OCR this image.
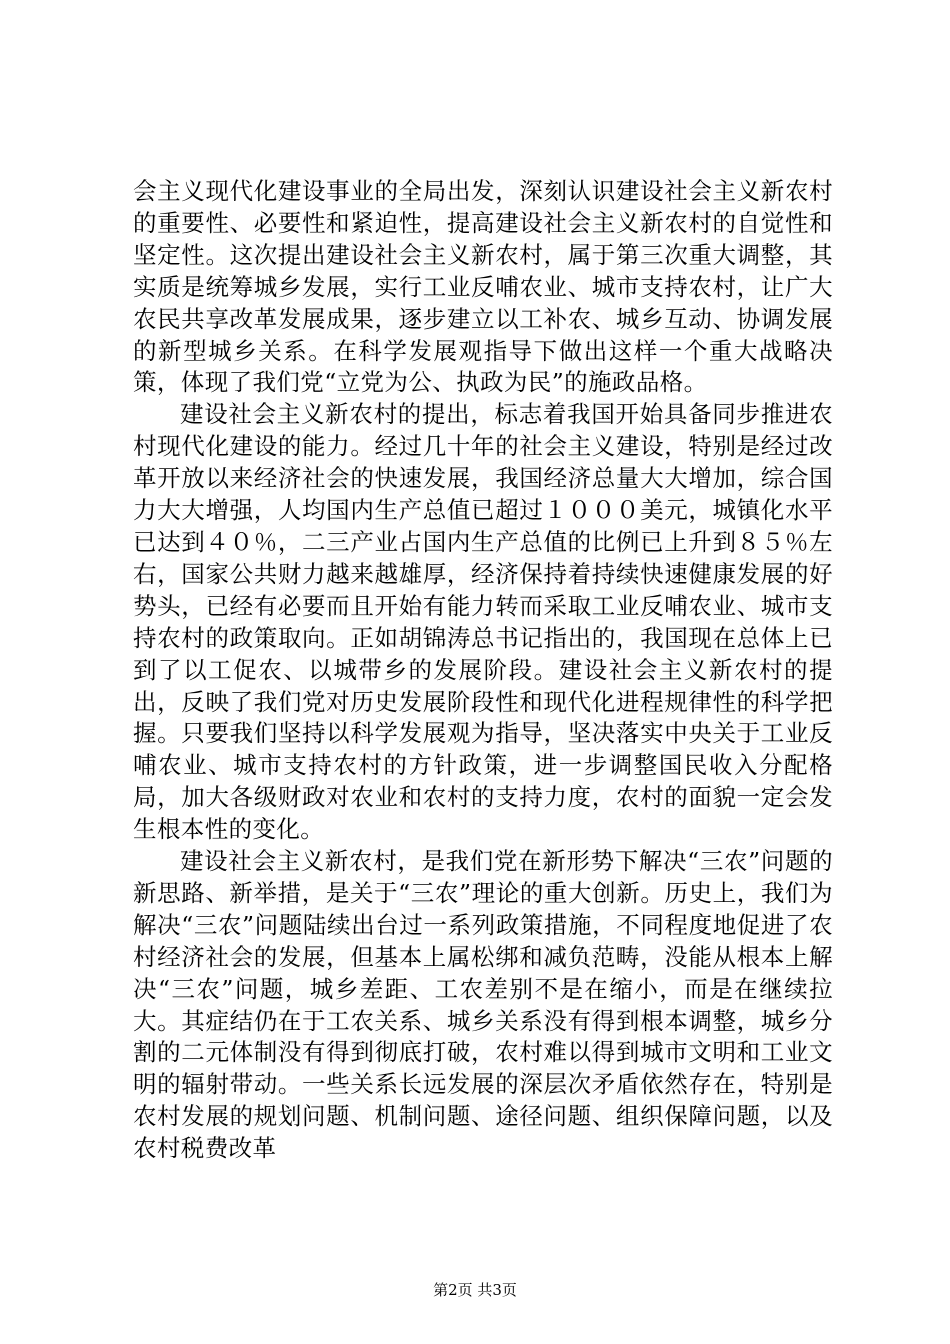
会主义现代化建设事业的全局出发，深刻认识建设社会主义新农村的重要性、必要性和紧迫性，提高建设社会主义新农村的自觉性和坚定性。这次提出建设社会主义新农村，属于第三次重大调整，其实质是统筹城乡发展，实行工业反哺农业、城市支持农村，让广大农民共享改革发展成果，逐步建立以工补农、城乡互动、协调发展的新型城乡关系。在科学发展观指导下做出这样一个重大战略决策，体现了我们党“立党为公、执政为民”的施政品格。

建设社会主义新农村的提出，标志着我国开始具备同步推进农村现代化建设的能力。经过几十年的社会主义建设，特别是经过改革开放以来经济社会的快速发展，我国经济总量大大增加，综合国力大大增强，人均国内生产总值已超过１０００美元，城镇化水平已达到４０％，二三产业占国内生产总值的比例已上升到８５％左右，国家公共财力越来越雄厚，经济保持着持续快速健康发展的好势头，已经有必要而且开始有能力转而采取工业反哺农业、城市支持农村的政策取向。正如胡锦涛总书记指出的，我国现在总体上已到了以工促农、以城带乡的发展阶段。建设社会主义新农村的提出，反映了我们党对历史发展阶段性和现代化进程规律性的科学把握。只要我们坚持以科学发展观为指导，坚决落实中央关于工业反哺农业、城市支持农村的方针政策，进一步调整国民收入分配格局，加大各级财政对农业和农村的支持力度，农村的面貌一定会发生根本性的变化。

建设社会主义新农村，是我们党在新形势下解决“三农”问题的新思路、新举措，是关于“三农”理论的重大创新。历史上，我们为解决“三农”问题陆续出台过一系列政策措施，不同程度地促进了农村经济社会的发展，但基本上属松绑和减负范畴，没能从根本上解决“三农”问题，城乡差距、工农差别不是在缩小，而是在继续拉大。其症结仍在于工农关系、城乡关系没有得到根本调整，城乡分割的二元体制没有得到彻底打破，农村难以得到城市文明和工业文明的辐射带动。一些关系长远发展的深层次矛盾依然存在，特别是农村发展的规划问题、机制问题、途径问题、组织保障问题，以及农村税费改革

第2页 共3页
